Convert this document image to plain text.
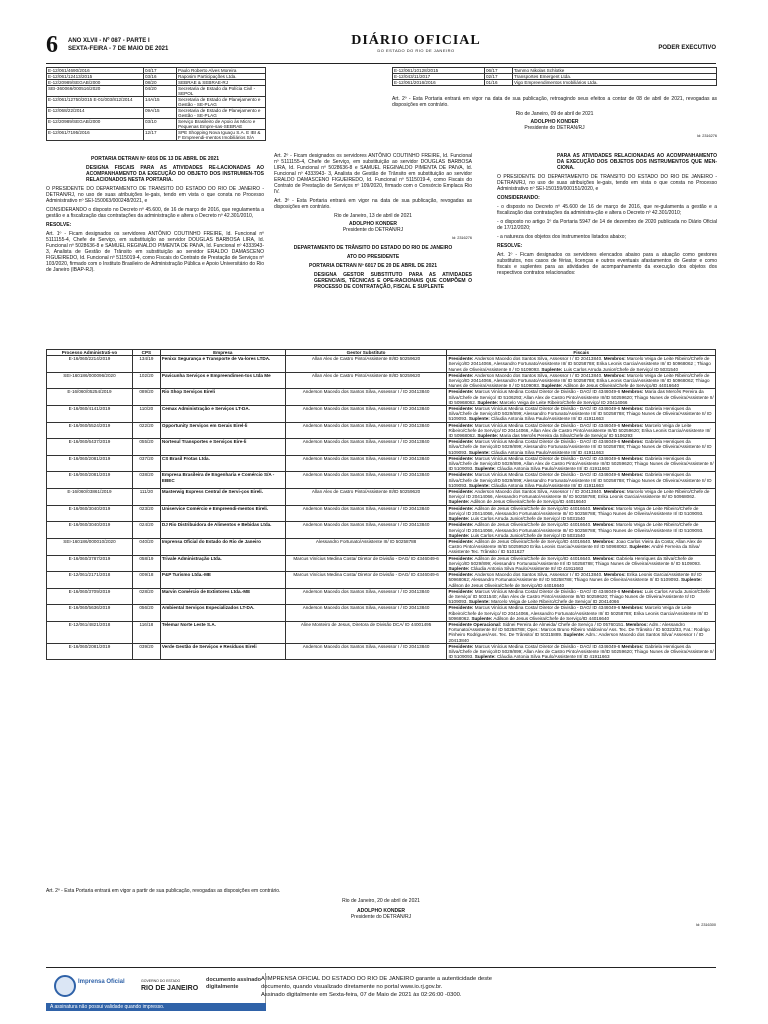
6 ANO XLVII - Nº 087 - PARTE I
SEXTA-FEIRA - 7 DE MAIO DE 2021
DIÁRIO OFICIAL
DO ESTADO DO RIO DE JANEIRO	PODER EXECUTIVO
E-12/061/4690/2016	04/17	Paulo Roberto Alves Moreira
E-12/061/12413/2015	03/16	Raposim Participações Ltda.
E-12/20989/SEGAB/2000	08/20	SEBRAE & SEBRAE-RJ
SEI-360066/000516/2020	04/20	Secretaria de Estado da Polícia Civil - SEPOL
E-12/061/12750/2015 E-01/003/812/2014	14A/15	Secretaria de Estado de Planejamento e Gestão - SE-PLAG
E-12/068/22/2014	09A/15	Secretaria de Estado de Planejamento e Gestão - SE-PLAG
E-12/20989/SEGAB/2000	03/10	Serviço Brasileiro de Apoio às Micro e Pequenas Empre-sas-SEBRAE
E-12/061/7195/2016	12/17	SPE Shopping Nova Iguaçu S.A. E IBI & F Empreendi-mentos Imobiliários S/A
E-12/061/10128/2015	06/17	Tammo Nikolas Schlotke
E-12/043/11/2017	02/17	Transportes Emergent Ltda.
E-12/061/2016/2016	01/16	Vigo Empreendimentos Imobiliários Ltda.
Art. 2º - Esta Portaria entrará em vigor na data de sua publicação, retroagindo seus efeitos a contar de 08 de abril de 2021, revogadas as disposições em contrário.
Rio de Janeiro, 09 de abril de 2021
ADOLPHO KONDER
Presidente do DETRAN/RJ
Id: 2316276
PORTARIA DETRAN Nº 6016 DE 13 DE ABRIL DE 2021
DESIGNA FISCAIS PARA AS ATIVIDADES RE-LACIONADAS AO ACOMPANHAMENTO DA EXECUÇÃO DO OBJETO DOS INSTRUMEN-TOS RELACIONADOS NESTA PORTARIA.
O PRESIDENTE DO DEPARTAMENTO DE TRANSITO DO ESTADO DO RIO DE JANEIRO - DETRAN/RJ, no uso de suas atribuições le-gais, tendo em vista o que consta no Processo Administrativo nº SEI-150063/000248/2021, e
CONSIDERANDO o disposto no Decreto nº 45.600, de 16 de março de 2016, que regulamenta a gestão e a fiscalização das contratações da administração e altera o Decreto nº 42.301/2010,
RESOLVE:
Art. 1º - Ficam designados os servidores ANTÔNIO COUTINHO FREIRE, Id. Funcional nº 5111155-4, Chefe de Serviço, em substituição ao servidor DOUGLAS BARBOSA LIRA, Id. Funcional nº 5028636-8 e SAMUEL REGINALDO PIMENTA DE PAIVA, Id. Funcional nº 4333943- 3, Analista de Gestão de Trânsito em substituição ao servidor ERALDO DAMASCENO FIGUEIREDO, Id. Funcional nº 5115019-4, como Fiscais do Contrato de Prestação de Serviços nº 103/2020, firmado com o Instituto Brasileiro de Administração Pública e Apoio Universitário do Rio de Janeiro (IBAP-RJ).
Art. 2º - Ficam designados os servidores ANTÔNIO COUTINHO FREIRE, Id. Funcional nº 5111155-4, Chefe de Serviço, em substituição ao servidor DOUGLAS BARBOSA LIRA, Id. Funcional nº 5028636-8 e SAMUEL REGINALDO PIMENTA DE PAIVA, Id. Funcional nº 4333943- 3, Analista de Gestão de Trânsito em substituição ao servidor ERALDO DAMASCENO FIGUEIREDO, Id. Funcional nº 5115019-4, como Fiscais do Contrato de Prestação de Serviços nº 109/2020, firmado com o Consórcio Emplaca Rio IV.
Art. 3º - Esta Portaria entrará em vigor na data de sua publicação, revogadas as disposições em contrário.
Rio de Janeiro, 13 de abril de 2021
ADOLPHO KONDER
Presidente do DETRAN/RJ
Id: 2316276
DEPARTAMENTO DE TRÂNSITO DO ESTADO DO RIO DE JANEIRO
ATO DO PRESIDENTE
PORTARIA DETRAN Nº 6017 DE 20 DE ABRIL DE 2021
DESIGNA GESTOR SUBSTITUTO PARA AS ATIVIDADES GERENCIAIS, TÉCNICAS E OPE-RACIONAIS QUE COMPÕEM O PROCESSO DE CONTRATAÇÃO, FISCAL E SUPLENTE
PARA AS ATIVIDADES RELACIONADAS AO ACOMPANHAMENTO DA EXECUÇÃO DOS OBJETOS DOS INSTRUMENTOS QUE MEN-CIONA.
O PRESIDENTE DO DEPARTAMENTO DE TRANSITO DO ESTADO DO RIO DE JANEIRO - DETRAN/RJ, no uso de suas atribuições le-gais, tendo em vista o que consta no Processo Administrativo nº SEI-150159/000151/2020, e
CONSIDERANDO:
- o disposto no Decreto nº 45.600 de 16 de março de 2016, que re-gulamenta a gestão e a fiscalização das contratações da administra-ção e altera o Decreto nº 42.301/2010;
- o disposto no artigo 1º da Portaria 5947 de 14 de dezembro de 2020 publicada no Diário Oficial de 17/12/2020;
- a natureza dos objetos dos instrumentos listados abaixo;
RESOLVE:
Art. 1º - Ficam designados os servidores elencados abaixo para a atuação como gestores substitutos, nos casos de férias, licenças e outros eventuais afastamentos do Gestor e como fiscais e suplentes para as atividades de acompanhamento da execução dos objetos dos respectivos contratos relacionados:
Processo Administrati-vo	CPS	Empresa	Gestor Substituto	Fiscais
E-16/060/2214/2019	134/19	Fenixx Segurança e Transporte de Va-lores LTDA.	Allan Alex de Castro Pinto/Assistente III/ID 50259620	Presidente: Anderson Macedo dos Santos Silva, Assessor I / ID 20413840. Membros: Marcelo Veiga de Leite Ribeiro/Chefe de Serviço/ID 20414066, Alessandro Fortunato/Assistente III/ ID 50258788; Erika Leonis Garcia/Assistente III/ ID 50968062 ; Thiago Nunes de Oliveira/Assistente II / ID 5109093. Suplente: Luis Carlos Arruda Junior/Chefe de Serviço/ ID 5031540
SEI-160186/000096/2020	102/20	Pavicunha Serviços e Empreendimen-tos Ltda Me	Allan Alex de Castro Pinto/Assistente III/ID 50259620	Presidente: Anderson Macedo dos Santos Silva, Assessor I / ID 20413840. Membros: Marcelo Veiga de Leite Ribeiro/Chefe de Serviço/ID 20414066, Alessandro Fortunato/Assistente III/ ID 50258788; Erika Leonis Garcia/Assistente III/ ID 50968062; Thiago Nunes de Oliveira/Assistente II / ID 5109093. Suplente: Adilson de Jesus Oliveira/Chefe de Serviço/ID 44016640
E-16/060/05254/2019	089/20	Rio Shop Serviços Eireli	Anderson Macedo dos Santos Silva, Assessor I / ID 20413840	Presidente: Marcus Vinícius Medina Costa/ Diretor de Divisão - DAG/ ID 4346049-6 Membros: Maria das Mercês Pereira da Silva/Chefe de Serviço/ ID 5106293; Allan Alex de Castro Pinto/Assistente III/ID 50259620; Thiago Nunes de Oliveira/Assistente II/ ID 50968062. Suplente: Marcelo Veiga de Leite Ribeiro/Chefe de Serviço/ ID 20414066
E-16/060/4141/2019	110/20	Cemax Administração e Serviços LT-DA.	Anderson Macedo dos Santos Silva, Assessor I / ID 20413840	Presidente: Marcus Vinícius Medina Costa/ Diretor de Divisão - DAG/ ID 4346049-6 Membros: Gabriela Henriques da Silva/Chefe de Serviço/ID 5029/899; Alessandro Fortunato/Assistente III/ ID 50258788; Thiago Nunes de Oliveira/Assistente II/ ID 5109093. Suplente: Cláudia Antonia Silva Paulo/Assistente III/ ID 41911663
E-16/060/5524/2019	022/20	Opportunity Serviços em Gerais Eirel-li	Anderson Macedo dos Santos Silva, Assessor I / ID 20413840	Presidente: Marcus Vinícius Medina Costa/ Diretor de Divisão - DAG/ ID 4346049-6 Membros: Marcelo Veiga de Leite Ribeiro/Chefe de Serviço/ ID 20414066, Allan Alex de Castro Pinto/Assistente III/ID 50259620; Erika Leonis Garcia/Assistente III/ ID 50968062. Suplente: Maria das Mercês Pereira da Silva/Chefe de Serviço/ ID 5106293
E-16/060/6437/2019	055/20	Nortesul Transportes e Serviços Eire-li	Anderson Macedo dos Santos Silva, Assessor I / ID 20413840	Presidente: Marcus Vinícius Medina Costa/ Diretor de Divisão - DAG/ ID 4346049-6 Membros: Gabriela Henriques da Silva/Chefe de Serviço/ID 5029/899; Alessandro Fortunato/Assistente III/ ID 50258788; Thiago Nunes de Oliveira/Assistente II/ ID 5109093. Suplente: Cláudia Antonia Silva Paulo/Assistente III/ ID 41911663
E-16/060/2081/2019	037/20	CS Brasil Frotas Ltda.	Anderson Macedo dos Santos Silva, Assessor I / ID 20413840	Presidente: Marcus Vinícius Medina Costa/ Diretor de Divisão - DAG/ ID 4346049-6 Membros: Gabriela Henriques da Silva/Chefe de Serviço/ID 5029/899, Allan Alex de Castro Pinto/Assistente III/ID 50259620; Thiago Nunes de Oliveira/Assistente II/ ID 5109093. Suplente: Cláudia Antonia Silva Paulo/Assistente III/ ID 41911663
E-16/060/2081/2019	038/20	Empresa Brasileira de Engenharia e Comércio S/A - EBEC	Anderson Macedo dos Santos Silva, Assessor I / ID 20413840	Presidente: Marcus Vinícius Medina Costa/ Diretor de Divisão - DAG/ ID 4346049-6 Membros: Gabriela Henriques da Silva/Chefe de Serviço/ID 5029/899; Alessandro Fortunato/Assistente III/ ID 50258788; Thiago Nunes de Oliveira/Assistente II/ ID 5109093. Suplente: Cláudia Antonia Silva Paulo/Assistente III/ ID 41911663
E-16/060/03861/2019	111/20	Masterwig Express Central de Servi-ços Eireli.	Allan Alex de Castro Pinto/Assistente III/ID 50259620	Presidente: Anderson Macedo dos Santos Silva, Assessor I / ID 20413840. Membros: Marcelo Veiga de Leite Ribeiro/Chefe de Serviço/ ID 20414066, Alessandro Fortunato/Assistente III/ ID 50258788; Erika Leonis Garcia/Assistente III/ ID 50968062. Suplente: Adilson de Jesus Oliveira/Chefe de Serviço/ID 44016640
E-16/060/3040/2019	023/20	Uniservice Comércio e Empreendi-mentos Eireli.	Anderson Macedo dos Santos Silva, Assessor I / ID 20413840	Presidente: Adilson de Jesus Oliveira/Chefe de Serviço/ID 44016640. Membros: Marcelo Veiga de Leite Ribeiro/Chefe de Serviço/ ID 20414066, Alessandro Fortunato/Assistente III/ ID 50258788; Thiago Nunes de Oliveira/Assistente II/ ID 5109093. Suplente: Luis Carlos Arruda Junior/Chefe de Serviço/ ID 5031540
E-16/060/3040/2019	024/20	DJ Rio Distribuidora de Alimentos e Bebidas Ltda.	Anderson Macedo dos Santos Silva, Assessor I / ID 20413840	Presidente: Adilson de Jesus Oliveira/Chefe de Serviço/ID 44016640. Membros: Marcelo Veiga de Leite Ribeiro/Chefe de Serviço/ ID 20414066, Alessandro Fortunato/Assistente III/ ID 50258788; Thiago Nunes de Oliveira/Assistente II/ ID 5109093. Suplente: Luis Carlos Arruda Junior/Chefe de Serviço/ ID 5031540
SEI-160186/000010/2020	040/20	Imprensa Oficial do Estado do Rio de Janeiro	Alessandro Fortunato/Assistente III/ ID 50258788	Presidente: Adilson de Jesus Oliveira/Chefe de Serviço/ID 44016640. Membros: Joao Carlos Vieira da Costa; Allan Alex de Castro Pinto/Assistente III/ID 50259520 Erika Leonis Garcia/Assistente III/ ID 50968062. Suplente: André Ferreira da Silva/ Assistente Tec. Trânsito / ID 5101627
E-16/060/3787/2019	058/19	Trivale Administração Ltda.	Marcus Vinícius Medina Costa/ Diretor de Divisão - DAG/ ID 4346049-6	Presidente: Adilson de Jesus Oliveira/Chefe de Serviço/ID 44016640. Membros: Gabriela Henriques da Silva/Chefe de Serviço/ID 5029/899; Alessandro Fortunato/Assistente III/ ID 50258788; Thiago Nunes de Oliveira/Assistente II/ ID 5109093. Suplente: Cláudia Antonia Silva Paulo/Assistente III/ ID 41911663
E-12/061/2171/2018	009/18	P&P Turismo Ltda.-ME	Marcus Vinícius Medina Costa/ Diretor de Divisão - DAG/ ID 4346049-6	Presidente: Anderson Macedo dos Santos Silva, Assessor I / ID 20413840. Membros: Erika Leonis Garcia/Assistente III/ ID 50968062; Alessandro Fortunato/Assistente III/ ID 50258788; Thiago Nunes de Oliveira/Assistente II/ ID 5109093. Suplente: Adilson de Jesus Oliveira/Chefe de Serviço/ID 44016640
E-16/060/3709/2019	028/20	Marvin Comércio de Extintores Ltda.-ME	Anderson Macedo dos Santos Silva, Assessor I / ID 20413840	Presidente: Marcus Vinícius Medina Costa/ Diretor de Divisão - DAG/ ID 4346049-6 Membros: Luis Carlos Arruda Junior/Chefe de Serviço/ ID 5031540; Allan Alex de Castro Pinto/Assistente III/ID 50259620; Thiago Nunes de Oliveira/Assistente II/ ID 5109093. Suplente: Marcelo Veiga de Leite Ribeiro/Chefe de Serviço/ ID 20414066
E-16/060/5636/2019	056/20	Ambiental Serviços Especializados LT-DA.	Anderson Macedo dos Santos Silva, Assessor I / ID 20413840	Presidente: Marcus Vinícius Medina Costa/ Diretor de Divisão - DAG/ ID 4346049-6 Membros: Marcelo Veiga de Leite Ribeiro/Chefe de Serviço/ ID 20414066, Alessandro Fortunato/Assistente III/ ID 50258788; Erika Leonis Garcia/Assistente III/ ID 50968062. Suplente: Adilson de Jesus Oliveira/Chefe de Serviço/ID 44016640
E-12/061/4821/2018	116/18	Telemar Norte Leste S.A.	Aline Monteiro de Jesus, Diretora de Divisão DCA/ ID 44001495	Presidente Operacional: Sidnei Pereira de Almeida/ Chefe de Serviço / ID 05760151. Membros: Adm.: Alessandro Fortunato/Assistente III/ ID 50258788; Oper.: Marcos Bruno Ribeiro Valdovino/ Ass. Tec. De Trânsito / ID 50323/33, Fat.: Rodrigo Pinheiro Rodrigues/Ass. Tec. De Trânsito/ ID 50315889. Suplente: Adm.: Anderson Macedo dos Santos Silva/ Assessor I / ID 20413840
E-16/060/2081/2019	039/20	Verde Gestão de Serviços e Resíduos Eireli	Anderson Macedo dos Santos Silva, Assessor I / ID 20413840	Presidente: Marcus Vinícius Medina Costa/ Diretor de Divisão - DAG/ ID 4346049-6 Membros: Gabriela Henriques da Silva/Chefe de Serviço/ID 5029/899; Allan Alex de Castro Pinto/Assistente III/ID 50259620; Thiago Nunes de Oliveira/Assistente II/ ID 5109093. Suplente: Cláudia Antonia Silva Paulo/Assistente III/ ID 41911663
Art. 2º - Esta Portaria entrará em vigor a partir de sua publicação, revogadas as disposições em contrário.
Rio de Janeiro, 20 de abril de 2021
ADOLPHO KONDER
Presidente do DETRAN/RJ
Id: 2316300
Imprensa Oficial	GOVERNO DO ESTADO
RIO DE JANEIRO
documento assinado digitalmente
A assinatura não possui validade quando impresso.
A IMPRENSA OFICIAL DO ESTADO DO RIO DE JANEIRO garante a autenticidade deste
documento, quando visualizado diretamente no portal www.io.rj.gov.br.
Assinado digitalmente em Sexta-feira, 07 de Maio de 2021 às 02:26:00 -0300.
